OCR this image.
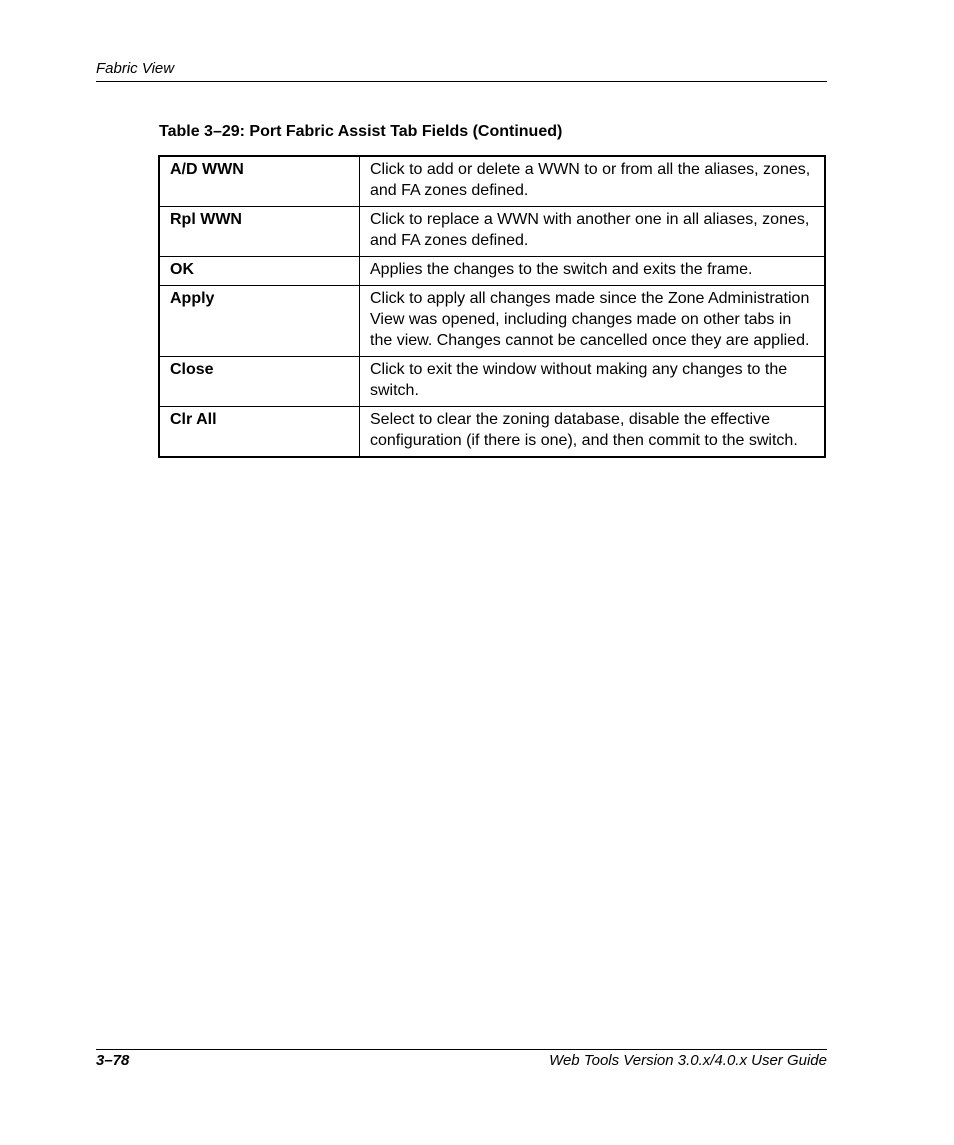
Fabric View
Table 3–29: Port Fabric Assist Tab Fields (Continued)
A/D WWN	Click to add or delete a WWN to or from all the aliases, zones, and FA zones defined.
Rpl WWN	Click to replace a WWN with another one in all aliases, zones, and FA zones defined.
OK	Applies the changes to the switch and exits the frame.
Apply	Click to apply all changes made since the Zone Administration View was opened, including changes made on other tabs in the view. Changes cannot be cancelled once they are applied.
Close	Click to exit the window without making any changes to the switch.
Clr All	Select to clear the zoning database, disable the effective configuration (if there is one), and then commit to the switch.
3–78	Web Tools Version 3.0.x/4.0.x User Guide
